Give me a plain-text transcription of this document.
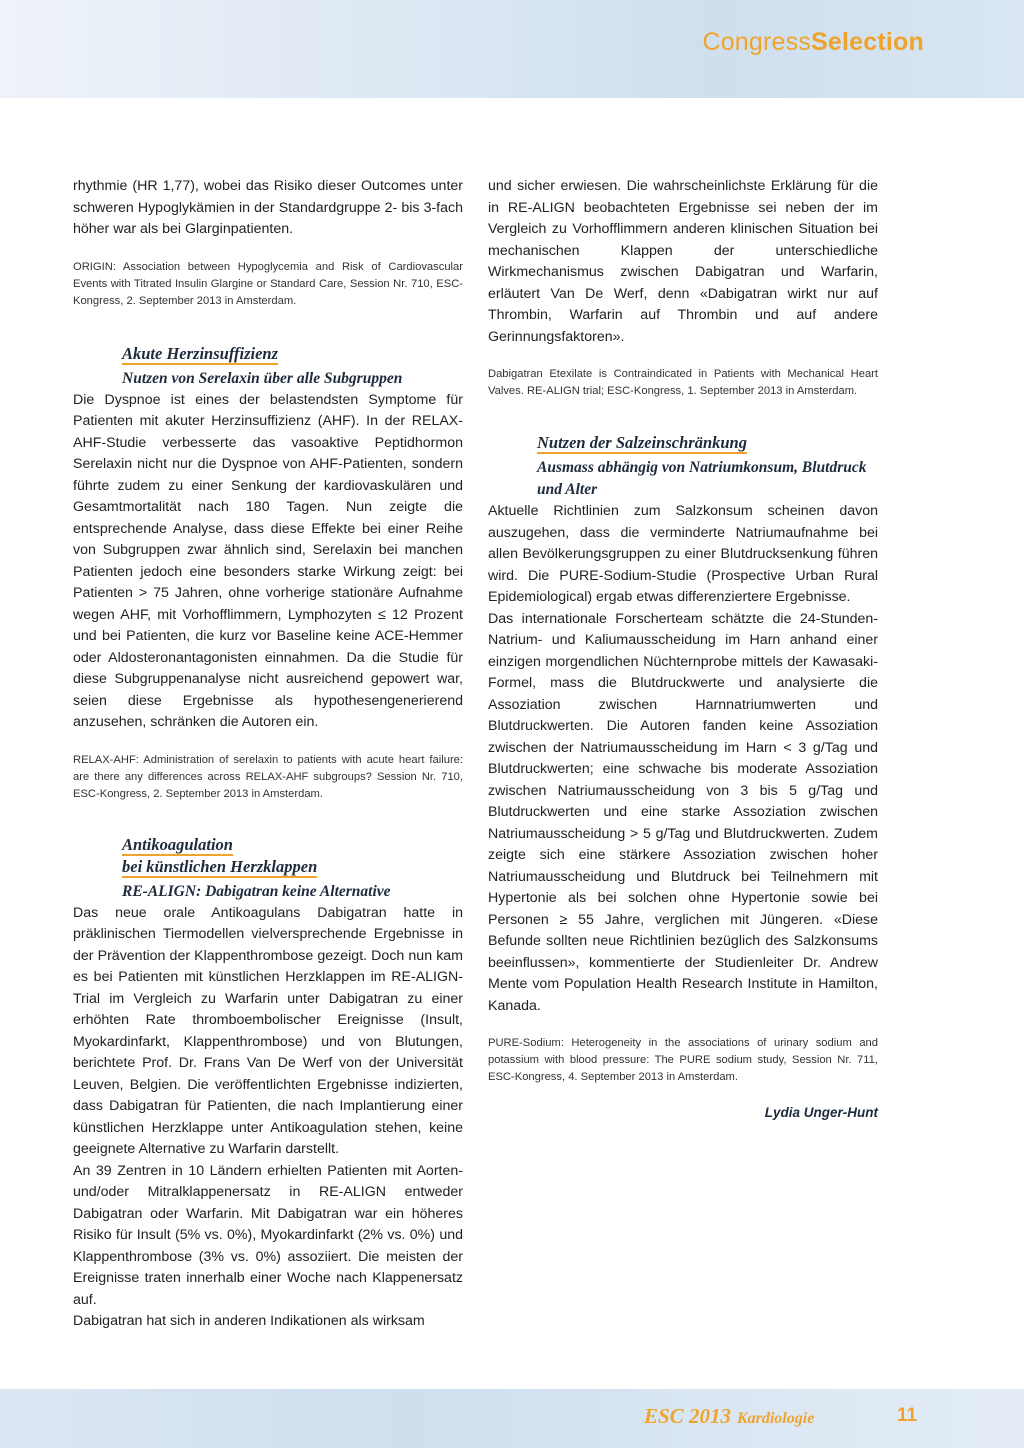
CongressSelection

rhythmie (HR 1,77), wobei das Risiko dieser Outcomes unter schweren Hypoglykämien in der Standardgruppe 2- bis 3-fach höher war als bei Glarginpatienten.

ORIGIN: Association between Hypoglycemia and Risk of Cardiovascular Events with Titrated Insulin Glargine or Standard Care, Session Nr. 710, ESC-Kongress, 2. September 2013 in Amsterdam.

Akute Herzinsuffizienz
Nutzen von Serelaxin über alle Subgruppen

Die Dyspnoe ist eines der belastendsten Symptome für Patienten mit akuter Herzinsuffizienz (AHF). In der RELAX-AHF-Studie verbesserte das vasoaktive Peptidhormon Serelaxin nicht nur die Dyspnoe von AHF-Patienten, sondern führte zudem zu einer Senkung der kardiovaskulären und Gesamtmortalität nach 180 Tagen. Nun zeigte die entsprechende Analyse, dass diese Effekte bei einer Reihe von Subgruppen zwar ähnlich sind, Serelaxin bei manchen Patienten jedoch eine besonders starke Wirkung zeigt: bei Patienten > 75 Jahren, ohne vorherige stationäre Aufnahme wegen AHF, mit Vorhofflimmern, Lymphozyten ≤ 12 Prozent und bei Patienten, die kurz vor Baseline keine ACE-Hemmer oder Aldosteronantagonisten einnahmen. Da die Studie für diese Subgruppenanalyse nicht ausreichend gepowert war, seien diese Ergebnisse als hypothesengenerierend anzusehen, schränken die Autoren ein.

RELAX-AHF: Administration of serelaxin to patients with acute heart failure: are there any differences across RELAX-AHF subgroups? Session Nr. 710, ESC-Kongress, 2. September 2013 in Amsterdam.

Antikoagulation
bei künstlichen Herzklappen
RE-ALIGN: Dabigatran keine Alternative

Das neue orale Antikoagulans Dabigatran hatte in präklinischen Tiermodellen vielversprechende Ergebnisse in der Prävention der Klappenthrombose gezeigt. Doch nun kam es bei Patienten mit künstlichen Herzklappen im RE-ALIGN-Trial im Vergleich zu Warfarin unter Dabigatran zu einer erhöhten Rate thromboembolischer Ereignisse (Insult, Myokardinfarkt, Klappenthrombose) und von Blutungen, berichtete Prof. Dr. Frans Van De Werf von der Universität Leuven, Belgien. Die veröffentlichten Ergebnisse indizierten, dass Dabigatran für Patienten, die nach Implantierung einer künstlichen Herzklappe unter Antikoagulation stehen, keine geeignete Alternative zu Warfarin darstellt.

An 39 Zentren in 10 Ländern erhielten Patienten mit Aorten- und/oder Mitralklappenersatz in RE-ALIGN entweder Dabigatran oder Warfarin. Mit Dabigatran war ein höheres Risiko für Insult (5% vs. 0%), Myokardinfarkt (2% vs. 0%) und Klappenthrombose (3% vs. 0%) assoziiert. Die meisten der Ereignisse traten innerhalb einer Woche nach Klappenersatz auf.

Dabigatran hat sich in anderen Indikationen als wirksam

und sicher erwiesen. Die wahrscheinlichste Erklärung für die in RE-ALIGN beobachteten Ergebnisse sei neben der im Vergleich zu Vorhofflimmern anderen klinischen Situation bei mechanischen Klappen der unterschiedliche Wirkmechanismus zwischen Dabigatran und Warfarin, erläutert Van De Werf, denn «Dabigatran wirkt nur auf Thrombin, Warfarin auf Thrombin und auf andere Gerinnungsfaktoren».

Dabigatran Etexilate is Contraindicated in Patients with Mechanical Heart Valves. RE-ALIGN trial; ESC-Kongress, 1. September 2013 in Amsterdam.

Nutzen der Salzeinschränkung
Ausmass abhängig von Natriumkonsum, Blutdruck und Alter

Aktuelle Richtlinien zum Salzkonsum scheinen davon auszugehen, dass die verminderte Natriumaufnahme bei allen Bevölkerungsgruppen zu einer Blutdrucksenkung führen wird. Die PURE-Sodium-Studie (Prospective Urban Rural Epidemiological) ergab etwas differenziertere Ergebnisse.

Das internationale Forscherteam schätzte die 24-Stunden-Natrium- und Kaliumausscheidung im Harn anhand einer einzigen morgendlichen Nüchternprobe mittels der Kawasaki-Formel, mass die Blutdruckwerte und analysierte die Assoziation zwischen Harnnatriumwerten und Blutdruckwerten. Die Autoren fanden keine Assoziation zwischen der Natriumausscheidung im Harn < 3 g/Tag und Blutdruckwerten; eine schwache bis moderate Assoziation zwischen Natriumausscheidung von 3 bis 5 g/Tag und Blutdruckwerten und eine starke Assoziation zwischen Natriumausscheidung > 5 g/Tag und Blutdruckwerten. Zudem zeigte sich eine stärkere Assoziation zwischen hoher Natriumausscheidung und Blutdruck bei Teilnehmern mit Hypertonie als bei solchen ohne Hypertonie sowie bei Personen ≥ 55 Jahre, verglichen mit Jüngeren. «Diese Befunde sollten neue Richtlinien bezüglich des Salzkonsums beeinflussen», kommentierte der Studienleiter Dr. Andrew Mente vom Population Health Research Institute in Hamilton, Kanada.

PURE-Sodium: Heterogeneity in the associations of urinary sodium and potassium with blood pressure: The PURE sodium study, Session Nr. 711, ESC-Kongress, 4. September 2013 in Amsterdam.

Lydia Unger-Hunt

ESC 2013 Kardiologie	11
